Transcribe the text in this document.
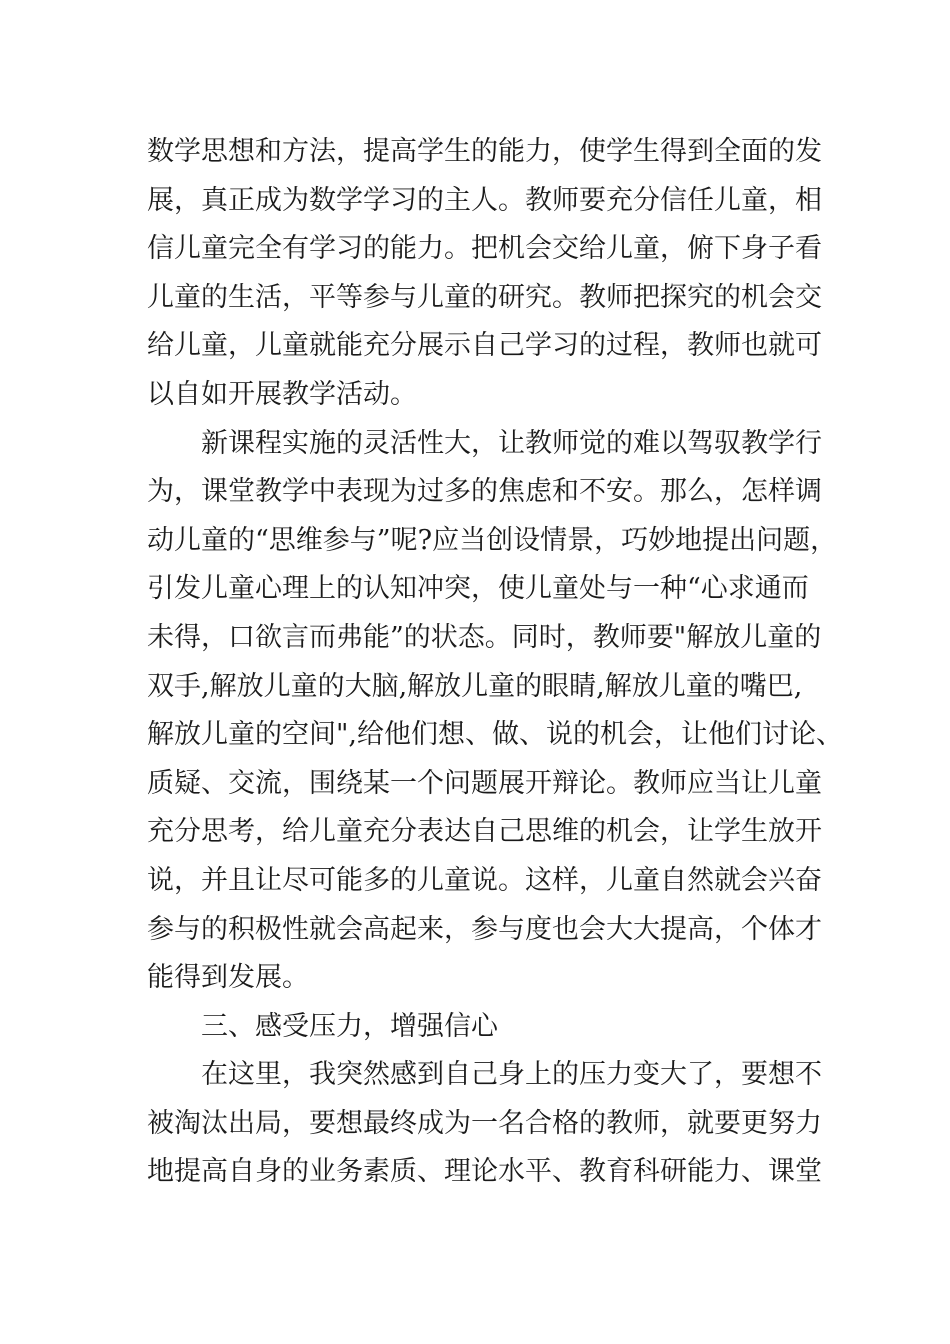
数学思想和方法，提高学生的能力，使学生得到全面的发
展，真正成为数学学习的主人。教师要充分信任儿童，相
信儿童完全有学习的能力。把机会交给儿童，俯下身子看
儿童的生活，平等参与儿童的研究。教师把探究的机会交
给儿童，儿童就能充分展示自己学习的过程，教师也就可
以自如开展教学活动。
新课程实施的灵活性大，让教师觉的难以驾驭教学行
为，课堂教学中表现为过多的焦虑和不安。那么，怎样调
动儿童的“思维参与”呢?应当创设情景，巧妙地提出问题，
引发儿童心理上的认知冲突，使儿童处与一种“心求通而
未得，口欲言而弗能”的状态。同时，教师要"解放儿童的
双手,解放儿童的大脑,解放儿童的眼睛,解放儿童的嘴巴,
解放儿童的空间",给他们想、做、说的机会，让他们讨论、
质疑、交流，围绕某一个问题展开辩论。教师应当让儿童
充分思考，给儿童充分表达自己思维的机会，让学生放开
说，并且让尽可能多的儿童说。这样，儿童自然就会兴奋
参与的积极性就会高起来，参与度也会大大提高，个体才
能得到发展。
三、感受压力，增强信心
在这里，我突然感到自己身上的压力变大了，要想不
被淘汰出局，要想最终成为一名合格的教师，就要更努力
地提高自身的业务素质、理论水平、教育科研能力、课堂
